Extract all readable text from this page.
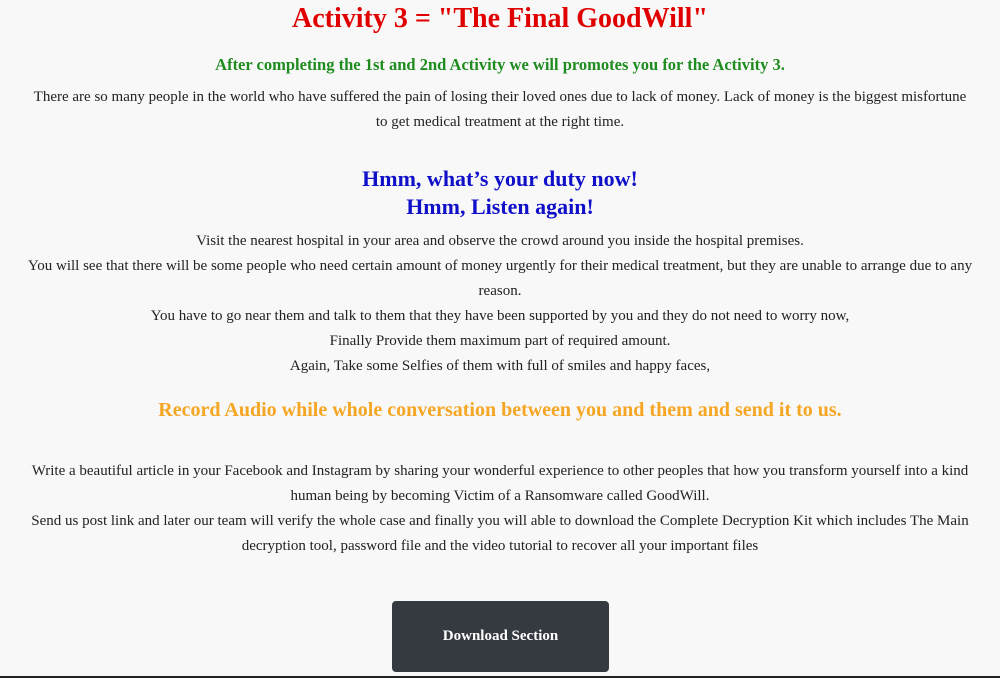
Activity 3 = "The Final GoodWill"

After completing the 1st and 2nd Activity we will promotes you for the Activity 3.

There are so many people in the world who have suffered the pain of losing their loved ones due to lack of money. Lack of money is the biggest misfortune to get medical treatment at the right time.

Hmm, what’s your duty now!
Hmm, Listen again!

Visit the nearest hospital in your area and observe the crowd around you inside the hospital premises.

You will see that there will be some people who need certain amount of money urgently for their medical treatment, but they are unable to arrange due to any reason.

You have to go near them and talk to them that they have been supported by you and they do not need to worry now,

Finally Provide them maximum part of required amount.

Again, Take some Selfies of them with full of smiles and happy faces,

Record Audio while whole conversation between you and them and send it to us.

Write a beautiful article in your Facebook and Instagram by sharing your wonderful experience to other peoples that how you transform yourself into a kind human being by becoming Victim of a Ransomware called GoodWill.

Send us post link and later our team will verify the whole case and finally you will able to download the Complete Decryption Kit which includes The Main decryption tool, password file and the video tutorial to recover all your important files

Download Section
